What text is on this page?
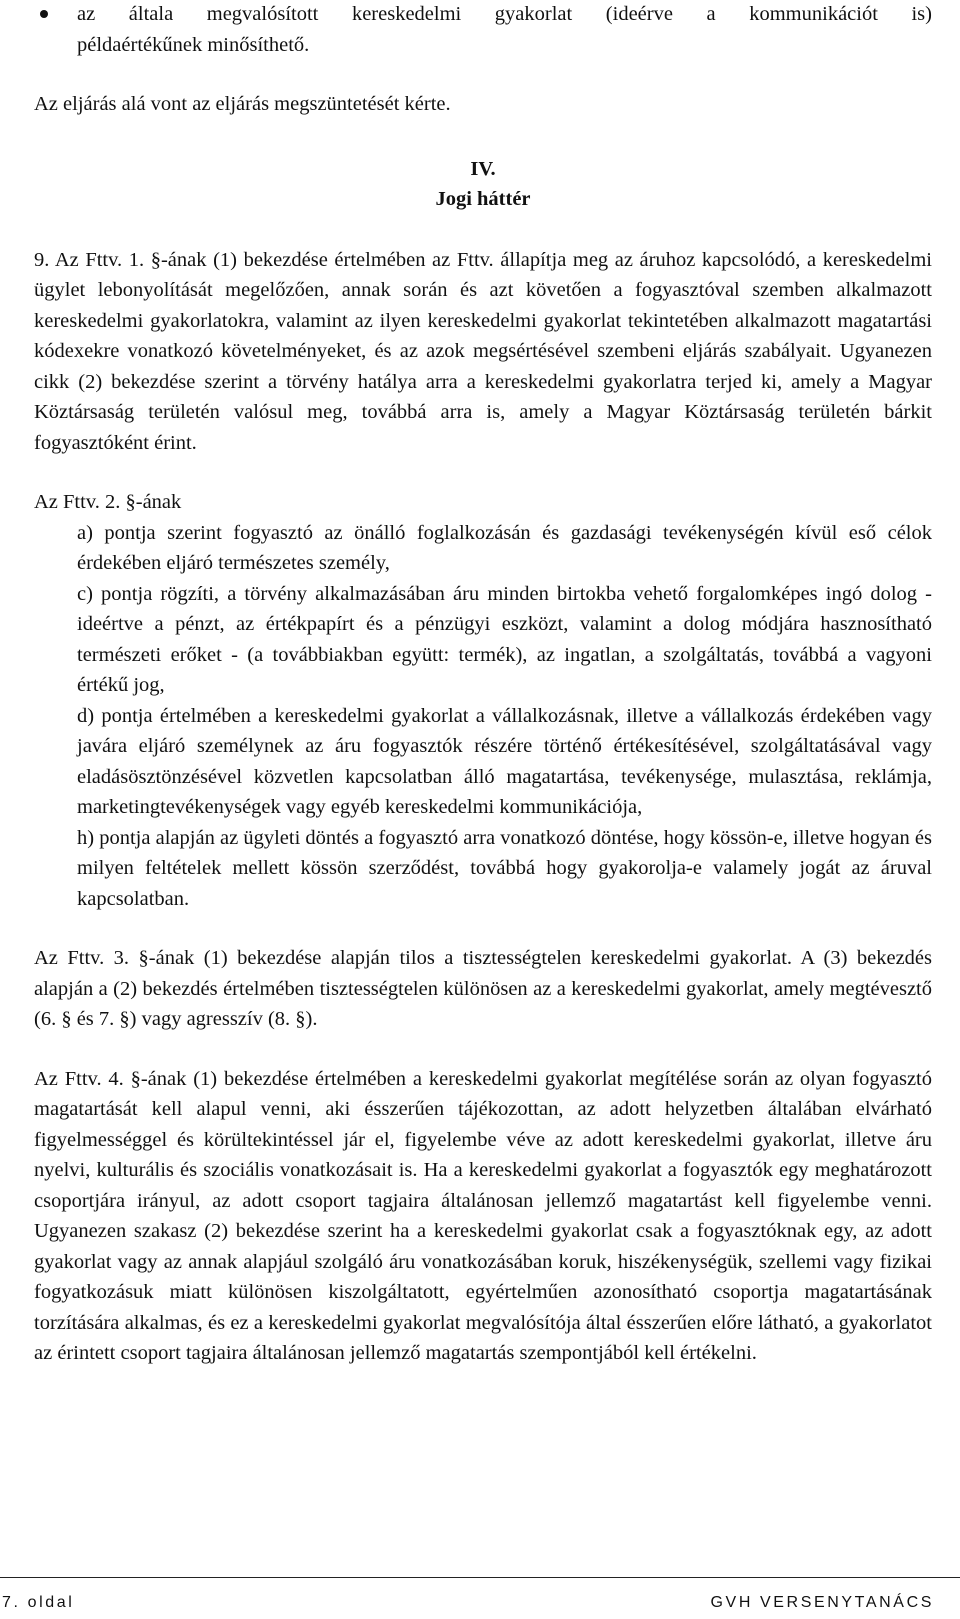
az általa megvalósított kereskedelmi gyakorlat (ideérve a kommunikációt is)

példaértékűnek minősíthető.

Az eljárás alá vont az eljárás megszüntetését kérte.

IV.

Jogi háttér

9. Az Fttv. 1. §-ának (1) bekezdése értelmében az Fttv. állapítja meg az áruhoz kapcsolódó, a kereskedelmi ügylet lebonyolítását megelőzően, annak során és azt követően a fogyasztóval szemben alkalmazott kereskedelmi gyakorlatokra, valamint az ilyen kereskedelmi gyakorlat tekintetében alkalmazott magatartási kódexekre vonatkozó követelményeket, és az azok megsértésével szembeni eljárás szabályait. Ugyanezen cikk (2) bekezdése szerint a törvény hatálya arra a kereskedelmi gyakorlatra terjed ki, amely a Magyar Köztársaság területén valósul meg, továbbá arra is, amely a Magyar Köztársaság területén bárkit fogyasztóként érint.

Az Fttv. 2. §-ának

a) pontja szerint fogyasztó az önálló foglalkozásán és gazdasági tevékenységén kívül eső célok érdekében eljáró természetes személy,

c) pontja rögzíti, a törvény alkalmazásában áru minden birtokba vehető forgalomképes ingó dolog - ideértve a pénzt, az értékpapírt és a pénzügyi eszközt, valamint a dolog módjára hasznosítható természeti erőket - (a továbbiakban együtt: termék), az ingatlan, a szolgáltatás, továbbá a vagyoni értékű jog,

d) pontja értelmében a kereskedelmi gyakorlat a vállalkozásnak, illetve a vállalkozás érdekében vagy javára eljáró személynek az áru fogyasztók részére történő értékesítésével, szolgáltatásával vagy eladásösztönzésével közvetlen kapcsolatban álló magatartása, tevékenysége, mulasztása, reklámja, marketingtevékenységek vagy egyéb kereskedelmi kommunikációja,

h) pontja alapján az ügyleti döntés a fogyasztó arra vonatkozó döntése, hogy kössön-e, illetve hogyan és milyen feltételek mellett kössön szerződést, továbbá hogy gyakorolja-e valamely jogát az áruval kapcsolatban.

Az Fttv. 3. §-ának (1) bekezdése alapján tilos a tisztességtelen kereskedelmi gyakorlat. A (3) bekezdés alapján a (2) bekezdés értelmében tisztességtelen különösen az a kereskedelmi gyakorlat, amely megtévesztő (6. § és 7. §) vagy agresszív (8. §).

Az Fttv. 4. §-ának (1) bekezdése értelmében a kereskedelmi gyakorlat megítélése során az olyan fogyasztó magatartását kell alapul venni, aki ésszerűen tájékozottan, az adott helyzetben általában elvárható figyelmességgel és körültekintéssel jár el, figyelembe véve az adott kereskedelmi gyakorlat, illetve áru nyelvi, kulturális és szociális vonatkozásait is. Ha a kereskedelmi gyakorlat a fogyasztók egy meghatározott csoportjára irányul, az adott csoport tagjaira általánosan jellemző magatartást kell figyelembe venni. Ugyanezen szakasz (2) bekezdése szerint ha a kereskedelmi gyakorlat csak a fogyasztóknak egy, az adott gyakorlat vagy az annak alapjául szolgáló áru vonatkozásában koruk, hiszékenységük, szellemi vagy fizikai fogyatkozásuk miatt különösen kiszolgáltatott, egyértelműen azonosítható csoportja magatartásának torzítására alkalmas, és ez a kereskedelmi gyakorlat megvalósítója által ésszerűen előre látható, a gyakorlatot az érintett csoport tagjaira általánosan jellemző magatartás szempontjából kell értékelni.

7. oldal	GVH VERSENYTANÁCS
